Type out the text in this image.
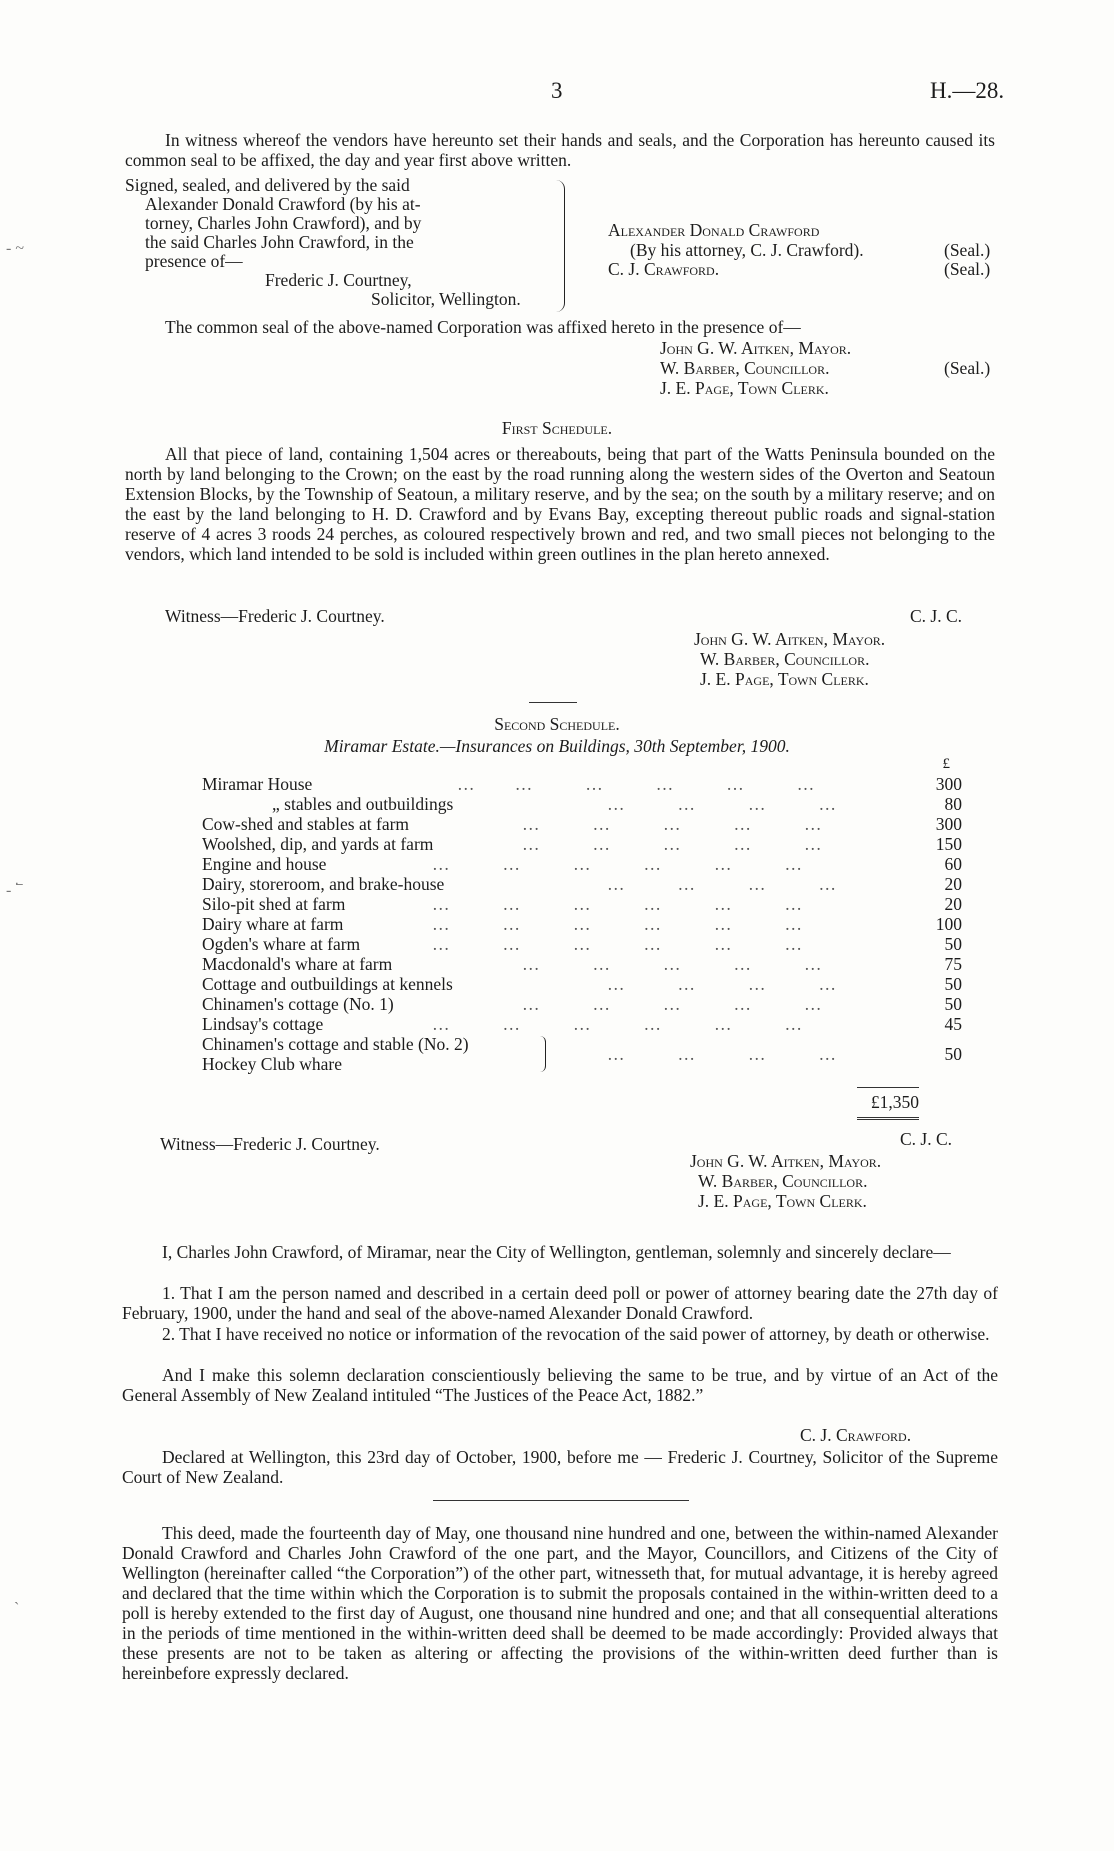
3	H.—28.
- ~
‐ ՟
`

In witness whereof the vendors have hereunto set their hands and seals, and the Corporation has hereunto caused its common seal to be affixed, the day and year first above written.

Signed, sealed, and delivered by the said
Alexander Donald Crawford (by his at-
torney, Charles John Crawford), and by
the said Charles John Crawford, in the
presence of—
Frederic J. Courtney,
Solicitor, Wellington.
Alexander Donald Crawford
(By his attorney, C. J. Crawford).
C. J. Crawford.
(Seal.)
(Seal.)
The common seal of the above-named Corporation was affixed hereto in the presence of—
John G. W. Aitken, Mayor.
W. Barber, Councillor.
J. E. Page, Town Clerk.
(Seal.)
First Schedule.

All that piece of land, containing 1,504 acres or thereabouts, being that part of the Watts Peninsula bounded on the north by land belonging to the Crown; on the east by the road running along the western sides of the Overton and Seatoun Extension Blocks, by the Township of Seatoun, a military reserve, and by the sea; on the south by a military reserve; and on the east by the land belonging to H. D. Crawford and by Evans Bay, excepting thereout public roads and signal-station reserve of 4 acres 3 roods 24 perches, as coloured respectively brown and red, and two small pieces not belonging to the vendors, which land intended to be sold is included within green outlines in the plan hereto annexed.

Witness—Frederic J. Courtney.	C. J. C.
John G. W. Aitken, Mayor.
W. Barber, Councillor.
J. E. Page, Town Clerk.
Second Schedule.
Miramar Estate.—Insurances on Buildings, 30th September, 1900.
£
Miramar House	…      …        …        …        …        …	300
„ stables and outbuildings	…        …        …        …	80
Cow-shed and stables at farm	…        …        …        …        …	300
Woolshed, dip, and yards at farm	…        …        …        …        …	150
Engine and house	…        …        …        …        …        …	60
Dairy, storeroom, and brake-house	…        …        …        …	20
Silo-pit shed at farm	…        …        …        …        …        …	20
Dairy whare at farm	…        …        …        …        …        …	100
Ogden's whare at farm	…        …        …        …        …        …	50
Macdonald's whare at farm	…        …        …        …        …	75
Cottage and outbuildings at kennels	…        …        …        …	50
Chinamen's cottage (No. 1)	…        …        …        …        …	50
Lindsay's cottage	…        …        …        …        …        …	45
Chinamen's cottage and stable (No. 2)
Hockey Club whare	…        …        …        …	50
£1,350
Witness—Frederic J. Courtney.	C. J. C.
John G. W. Aitken, Mayor.
W. Barber, Councillor.
J. E. Page, Town Clerk.

I, Charles John Crawford, of Miramar, near the City of Wellington, gentleman, solemnly and sincerely declare—

1. That I am the person named and described in a certain deed poll or power of attorney bearing date the 27th day of February, 1900, under the hand and seal of the above-named Alexander Donald Crawford.

2. That I have received no notice or information of the revocation of the said power of attorney, by death or otherwise.

And I make this solemn declaration conscientiously believing the same to be true, and by virtue of an Act of the General Assembly of New Zealand intituled “The Justices of the Peace Act, 1882.”

C. J. Crawford.

Declared at Wellington, this 23rd day of October, 1900, before me — Frederic J. Courtney, Solicitor of the Supreme Court of New Zealand.

This deed, made the fourteenth day of May, one thousand nine hundred and one, between the within-named Alexander Donald Crawford and Charles John Crawford of the one part, and the Mayor, Councillors, and Citizens of the City of Wellington (hereinafter called “the Corporation”) of the other part, witnesseth that, for mutual advantage, it is hereby agreed and declared that the time within which the Corporation is to submit the proposals contained in the within-written deed to a poll is hereby extended to the first day of August, one thousand nine hundred and one; and that all consequential alterations in the periods of time mentioned in the within-written deed shall be deemed to be made accordingly: Provided always that these presents are not to be taken as altering or affecting the provisions of the within-written deed further than is hereinbefore expressly declared.
